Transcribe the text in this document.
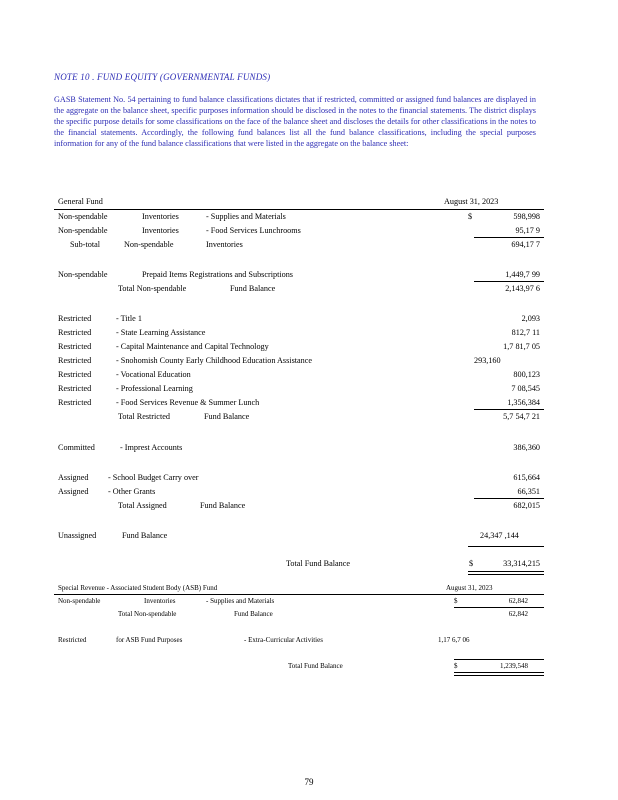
NOTE 10 . FUND EQUITY (GOVERNMENTAL FUNDS)
GASB Statement No. 54 pertaining to fund balance classifications dictates that if restricted, committed or assigned fund balances are displayed in the aggregate on the balance sheet, specific purposes information should be disclosed in the notes to the financial statements. The district displays the specific purpose details for some classifications on the face of the balance sheet and discloses the details for other classifications in the notes to the financial statements. Accordingly, the following fund balances list all the fund balance classifications, including the special purposes information for any of the fund balance classifications that were listed in the aggregate on the balance sheet:
General Fund	August 31, 2023
Non-spendable	Inventories	- Supplies and Materials	$	598,998
Non-spendable	Inventories	- Food Services Lunchrooms	95,17 9
Sub-total	Non-spendable	Inventories	694,17 7
Non-spendable	Prepaid Items Registrations and Subscriptions	1,449,7 99
Total Non-spendable	Fund Balance	2,143,97 6
Restricted	- Title 1	2,093
Restricted	- State Learning Assistance	812,7 11
Restricted	- Capital Maintenance and Capital Technology	1,7 81,7 05
Restricted	- Snohomish County Early Childhood Education Assistance	293,160
Restricted	- Vocational Education	800,123
Restricted	- Professional Learning	7 08,545
Restricted	- Food Services Revenue & Summer Lunch	1,356,384
Total Restricted	Fund Balance	5,7 54,7 21
Committed	- Imprest Accounts	386,360
Assigned - School Budget Carry over	615,664
Assigned - Other Grants	66,351
Total Assigned	Fund Balance	682,015
Unassigned	Fund Balance	24,347 ,144
Total Fund Balance	$	33,314,215
Special Revenue - Associated Student Body (ASB) Fund	August 31, 2023
Non-spendable	Inventories	- Supplies and Materials	$	62,842
Total Non-spendable	Fund Balance	62,842
Restricted	for ASB Fund Purposes	- Extra-Curricular Activities	1,17 6,7 06
Total Fund Balance	$	1,239,548
79
